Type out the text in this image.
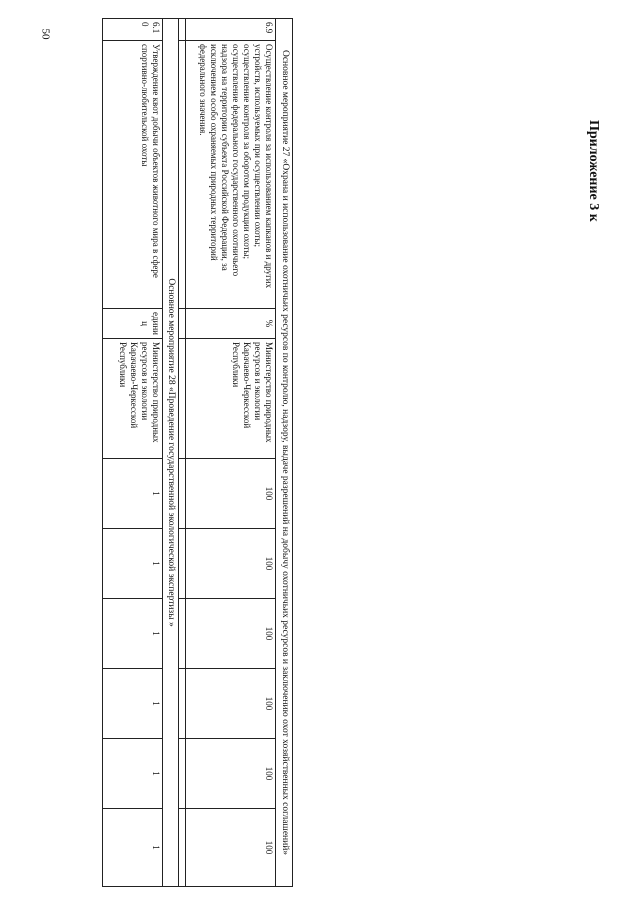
50
Приложение 3 к
Основное мероприятие 27 «Охрана и использование охотничьих ресурсов по контролю, надзору, выдаче разрешений на добычу охотничьих ресурсов и заключению охот хозяйственных соглашений»									
6.9	Осуществление контроля за использованием капканов и других устройств, используемых при осуществлении охоты; осуществление контроля за оборотом продукции охоты; осуществление федерального государственного охотничьего надзора на территории субъекта Российской Федерации, за исключением особо охраняемых природных территорий федерального значения.	%	Министерство природных ресурсов и экологии Карачаево-Черкесской Республики	100	100	100	100	100	100

Основное мероприятие 28 «Проведение государственной экологической экспертизы »									
6.10	Утверждение квот добычи объектов животного мира в сфере спортивно-любительской охоты	единиц	Министерство природных ресурсов и экологии Карачаево-Черкесской Республики	1	1	1	1	1	1
